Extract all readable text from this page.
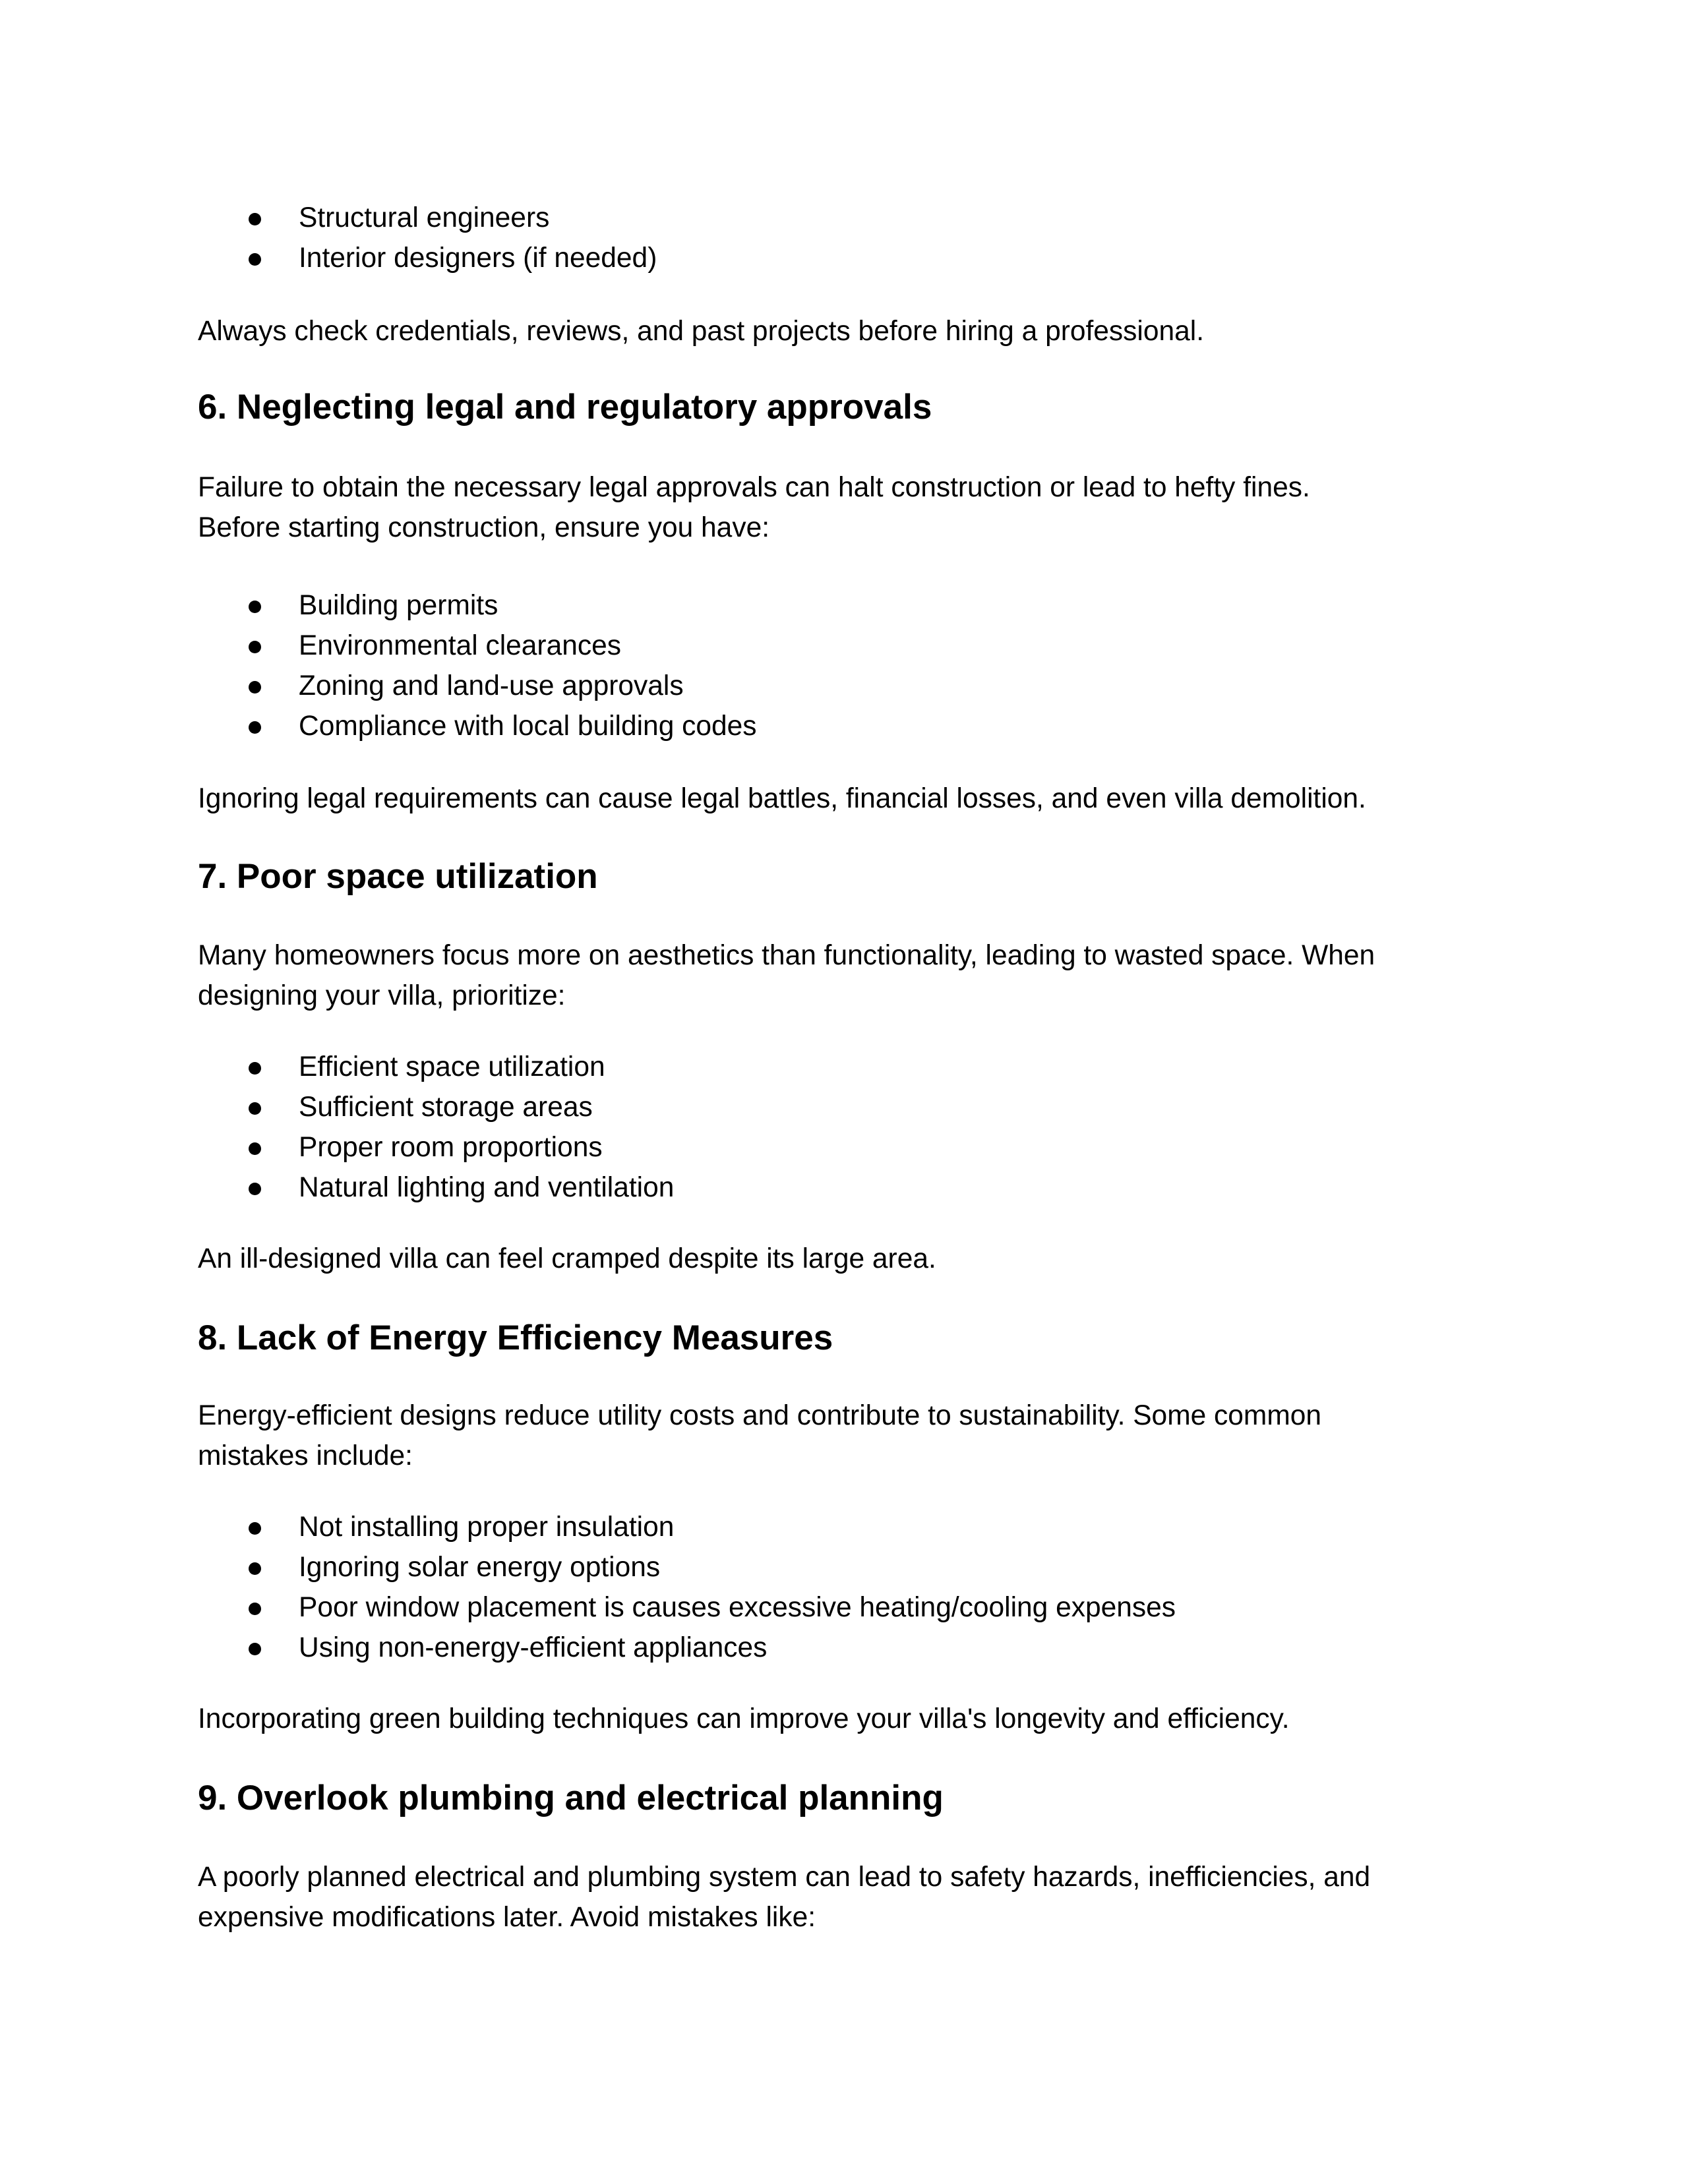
Structural engineers
Interior designers (if needed)

Always check credentials, reviews, and past projects before hiring a professional.

6. Neglecting legal and regulatory approvals

Failure to obtain the necessary legal approvals can halt construction or lead to hefty fines.

Before starting construction, ensure you have:

Building permits
Environmental clearances
Zoning and land-use approvals
Compliance with local building codes

Ignoring legal requirements can cause legal battles, financial losses, and even villa demolition.

7. Poor space utilization

Many homeowners focus more on aesthetics than functionality, leading to wasted space. When

designing your villa, prioritize:

Efficient space utilization
Sufficient storage areas
Proper room proportions
Natural lighting and ventilation

An ill-designed villa can feel cramped despite its large area.

8. Lack of Energy Efficiency Measures

Energy-efficient designs reduce utility costs and contribute to sustainability. Some common

mistakes include:

Not installing proper insulation
Ignoring solar energy options
Poor window placement is causes excessive heating/cooling expenses
Using non-energy-efficient appliances

Incorporating green building techniques can improve your villa's longevity and efficiency.

9. Overlook plumbing and electrical planning

A poorly planned electrical and plumbing system can lead to safety hazards, inefficiencies, and

expensive modifications later. Avoid mistakes like:
